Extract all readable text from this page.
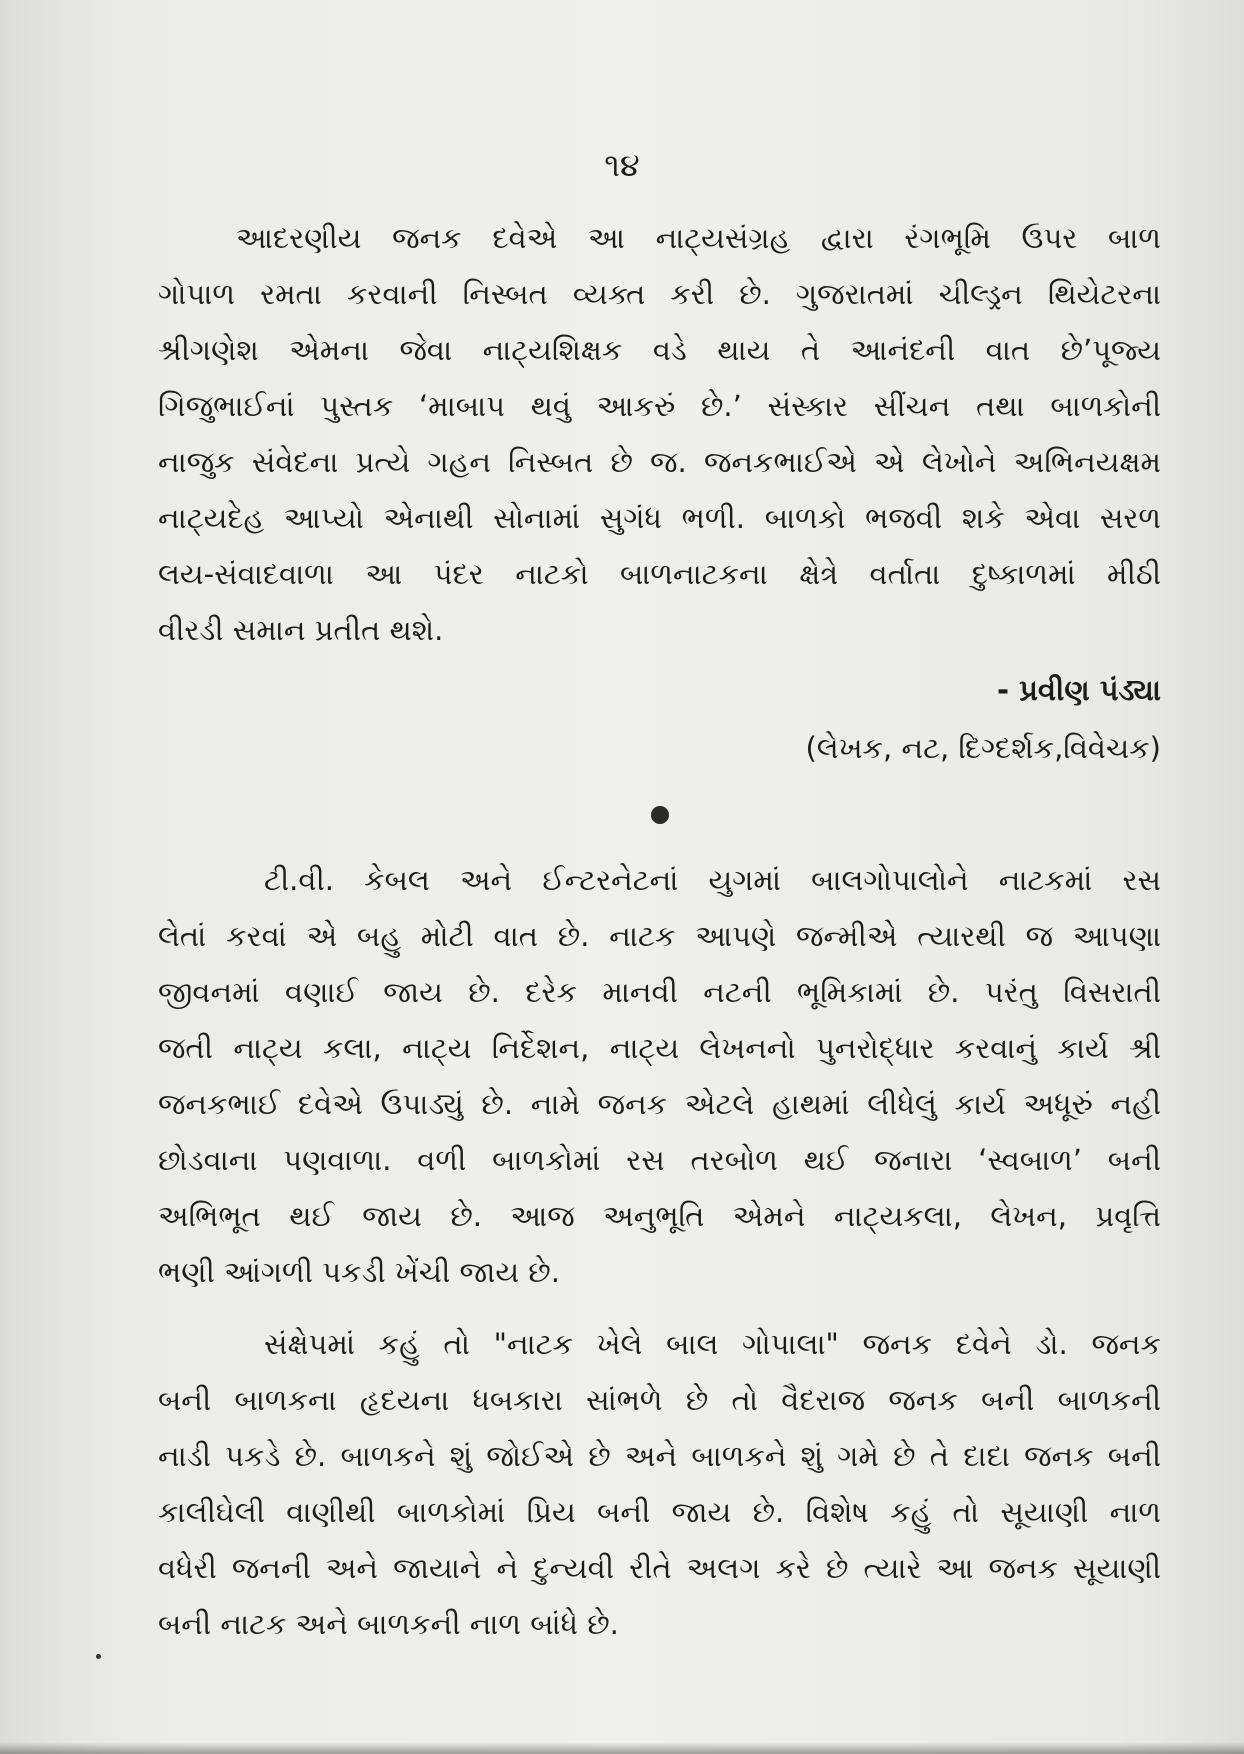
૧૪
આદરણીય જનક દવેએ આ નાટ્યસંગ્રહ દ્વારા રંગભૂમિ ઉપર બાળ
ગોપાળ રમતા કરવાની નિસ્બત વ્યક્ત કરી છે. ગુજરાતમાં ચીલ્ડ્રન થિયેટરના
શ્રીગણેશ એમના જેવા નાટ્યશિક્ષક વડે થાય તે આનંદની વાત છે’પૂજ્ય
ગિજુભાઈનાં પુસ્તક ‘માબાપ થવું આકરું છે.’ સંસ્કાર સીંચન તથા બાળકોની
નાજુક સંવેદના પ્રત્યે ગહન નિસ્બત છે જ. જનકભાઈએ એ લેખોને અભિનયક્ષમ
નાટ્યદેહ આપ્યો એનાથી સોનામાં સુગંધ ભળી. બાળકો ભજવી શકે એવા સરળ
લય-સંવાદવાળા આ પંદર નાટકો બાળનાટકના ક્ષેત્રે વર્તાતા દુષ્કાળમાં મીઠી
વીરડી સમાન પ્રતીત થશે.
- પ્રવીણ પંડ્યા
(લેખક, નટ, દિગ્દર્શક,વિવેચક)
ટી.વી. કેબલ અને ઈન્ટરનેટનાં યુગમાં બાલગોપાલોને નાટકમાં રસ
લેતાં કરવાં એ બહુ મોટી વાત છે. નાટક આપણે જન્મીએ ત્યારથી જ આપણા
જીવનમાં વણાઈ જાય છે. દરેક માનવી નટની ભૂમિકામાં છે. પરંતુ વિસરાતી
જતી નાટ્ય કલા, નાટ્ય નિર્દેશન, નાટ્ય લેખનનો પુનરોદ્ધાર કરવાનું કાર્ય શ્રી
જનકભાઈ દવેએ ઉપાડ્યું છે. નામે જનક એટલે હાથમાં લીધેલું કાર્ય અધૂરું નહી
છોડવાના પણવાળા. વળી બાળકોમાં રસ તરબોળ થઈ જનારા ‘સ્વબાળ’ બની
અભિભૂત થઈ જાય છે. આજ અનુભૂતિ એમને નાટ્યકલા, લેખન, પ્રવૃત્તિ
ભણી આંગળી પકડી ખેંચી જાય છે.
સંક્ષેપમાં કહું તો "નાટક ખેલે બાલ ગોપાલા" જનક દવેને ડો. જનક
બની બાળકના હૃદયના ધબકારા સાંભળે છે તો વૈદરાજ જનક બની બાળકની
નાડી પકડે છે. બાળકને શું જોઈએ છે અને બાળકને શું ગમે છે તે દાદા જનક બની
કાલીઘેલી વાણીથી બાળકોમાં પ્રિય બની જાય છે. વિશેષ કહું તો સૂયાણી નાળ
વધેરી જનની અને જાયાને ને દુન્યવી રીતે અલગ કરે છે ત્યારે આ જનક સૂયાણી
બની નાટક અને બાળકની નાળ બાંધે છે.
